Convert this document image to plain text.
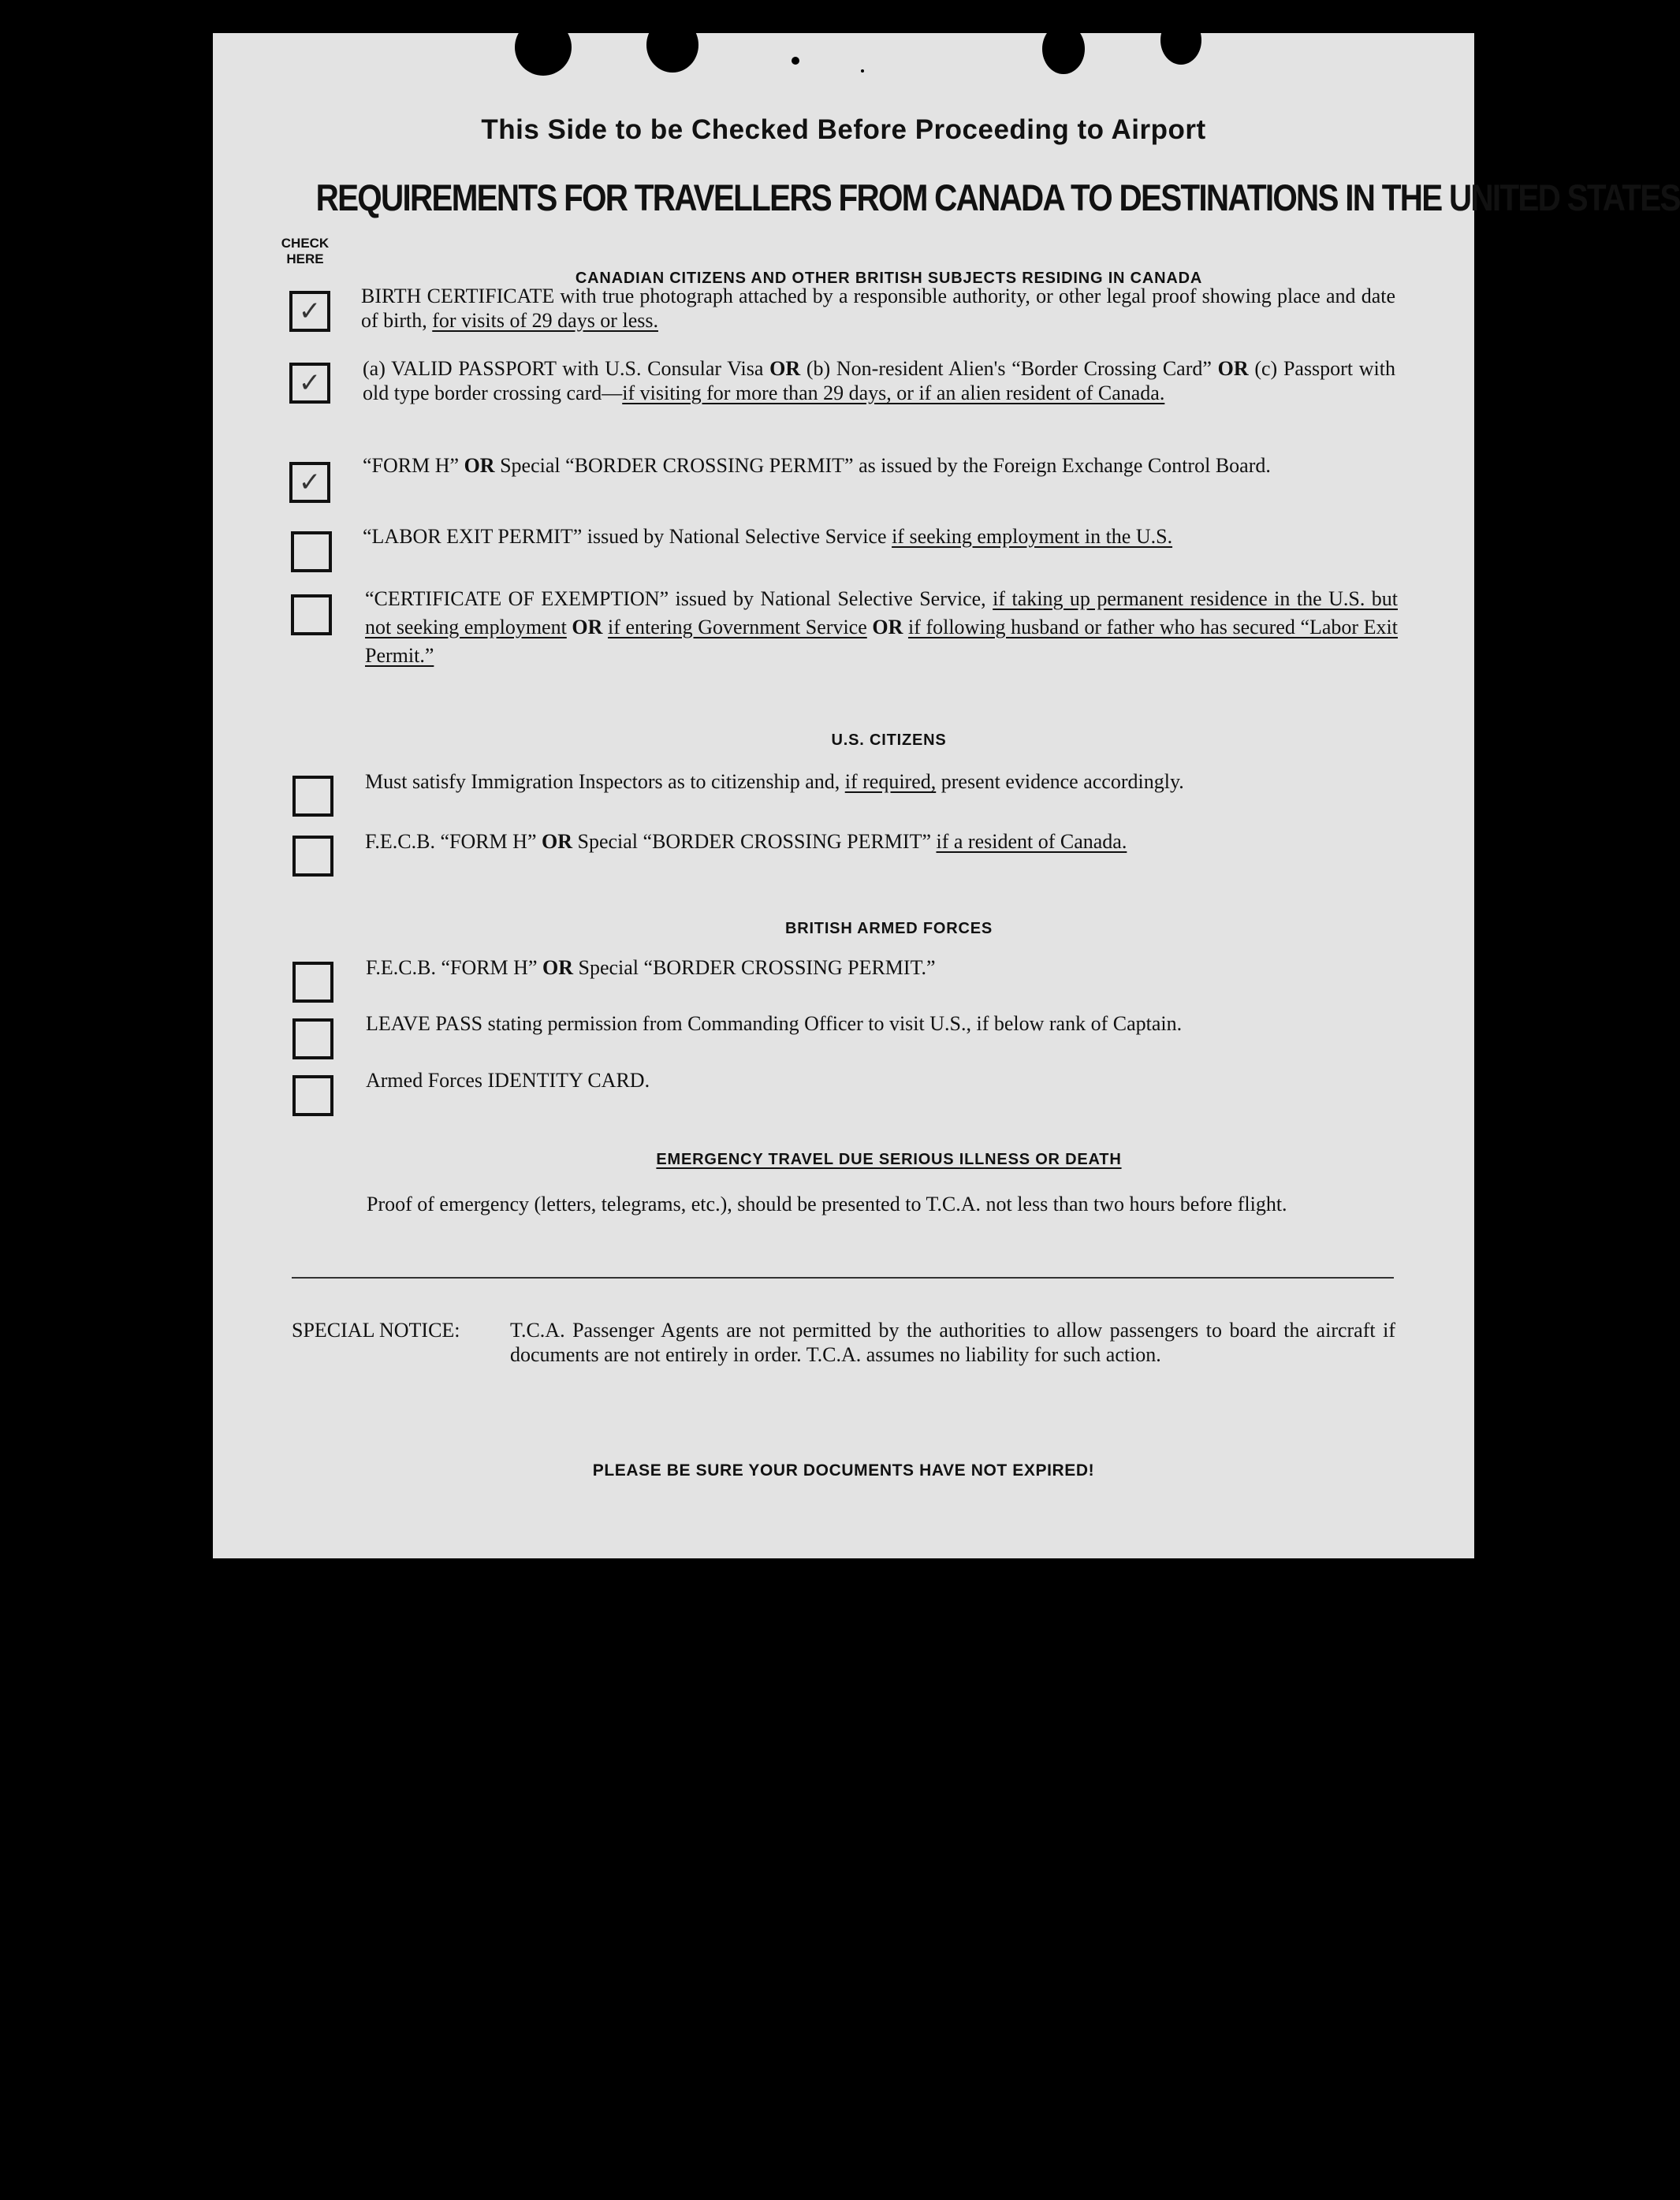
This Side to be Checked Before Proceeding to Airport
REQUIREMENTS FOR TRAVELLERS FROM CANADA TO DESTINATIONS IN THE UNITED STATES
CHECK HERE
CANADIAN CITIZENS AND OTHER BRITISH SUBJECTS RESIDING IN CANADA
✓	BIRTH CERTIFICATE with true photograph attached by a responsible authority, or other legal proof showing place and date of birth, for visits of 29 days or less.
✓	(a) VALID PASSPORT with U.S. Consular Visa OR (b) Non-resident Alien's “Border Crossing Card” OR (c) Passport with old type border crossing card—if visiting for more than 29 days, or if an alien resident of Canada.
✓
“FORM H” OR Special “BORDER CROSSING PERMIT” as issued by the Foreign Exchange Control Board.
“LABOR EXIT PERMIT” issued by National Selective Service if seeking employment in the U.S.
“CERTIFICATE OF EXEMPTION” issued by National Selective Service, if taking up permanent residence in the U.S. but not seeking employment OR if entering Government Service OR if following husband or father who has secured “Labor Exit Permit.”
U.S. CITIZENS
Must satisfy Immigration Inspectors as to citizenship and, if required, present evidence accordingly.
F.E.C.B. “FORM H” OR Special “BORDER CROSSING PERMIT” if a resident of Canada.
BRITISH ARMED FORCES
F.E.C.B. “FORM H” OR Special “BORDER CROSSING PERMIT.”
LEAVE PASS stating permission from Commanding Officer to visit U.S., if below rank of Captain.
Armed Forces IDENTITY CARD.
EMERGENCY TRAVEL DUE SERIOUS ILLNESS OR DEATH
Proof of emergency (letters, telegrams, etc.), should be presented to T.C.A. not less than two hours before flight.
SPECIAL NOTICE: T.C.A. Passenger Agents are not permitted by the authorities to allow passengers to board the aircraft if documents are not entirely in order. T.C.A. assumes no liability for such action.
PLEASE BE SURE YOUR DOCUMENTS HAVE NOT EXPIRED!
